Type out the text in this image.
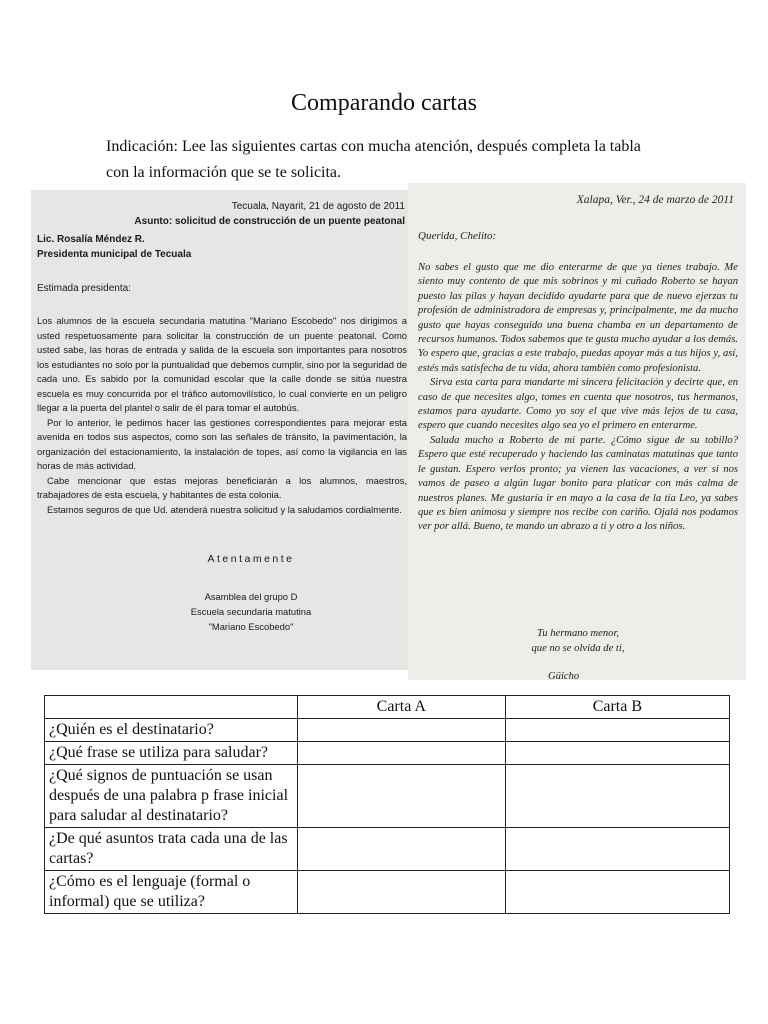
Comparando cartas
Indicación: Lee las siguientes cartas con mucha atención, después completa la tabla con la información que se te solicita.
Tecuala, Nayarit, 21 de agosto de 2011
Asunto: solicitud de construcción de un puente peatonal
Lic. Rosalía Méndez R.
Presidenta municipal de Tecuala
Estimada presidenta:

Los alumnos de la escuela secundaria matutina "Mariano Escobedo" nos dirigimos a usted respetuosamente para solicitar la construcción de un puente peatonal. Como usted sabe, las horas de entrada y salida de la escuela son importantes para nosotros los estudiantes no solo por la puntualidad que debemos cumplir, sino por la seguridad de cada uno. Es sabido por la comunidad escolar que la calle donde se sitúa nuestra escuela es muy concurrida por el tráfico automovilístico, lo cual convierte en un peligro llegar a la puerta del plantel o salir de él para tomar el autobús.

Por lo anterior, le pedimos hacer las gestiones correspondientes para mejorar esta avenida en todos sus aspectos, como son las señales de tránsito, la pavimentación, la organización del estacionamiento, la instalación de topes, así como la vigilancia en las horas de más actividad.

Cabe mencionar que estas mejoras beneficiarán a los alumnos, maestros, trabajadores de esta escuela, y habitantes de esta colonia.

Estamos seguros de que Ud. atenderá nuestra solicitud y la saludamos cordialmente.

Atentamente
Asamblea del grupo D
Escuela secundaria matutina
"Mariano Escobedo"
Xalapa, Ver., 24 de marzo de 2011
Querida, Chelito:

No sabes el gusto que me dio enterarme de que ya tienes trabajo. Me siento muy contento de que mis sobrinos y mi cuñado Roberto se hayan puesto las pilas y hayan decidido ayudarte para que de nuevo ejerzas tu profesión de administradora de empresas y, principalmente, me da mucho gusto que hayas conseguido una buena chamba en un departamento de recursos humanos. Todos sabemos que te gusta mucho ayudar a los demás. Yo espero que, gracias a este trabajo, puedas apoyar más a tus hijos y, así, estés más satisfecha de tu vida, ahora también como profesionista.

Sirva esta carta para mandarte mi sincera felicitación y decirte que, en caso de que necesites algo, tomes en cuenta que nosotros, tus hermanos, estamos para ayudarte. Como yo soy el que vive más lejos de tu casa, espero que cuando necesites algo sea yo el primero en enterarme.

Saluda mucho a Roberto de mi parte. ¿Cómo sigue de su tobillo? Espero que esté recuperado y haciendo las caminatas matutinas que tanto le gustan. Espero verlos pronto; ya vienen las vacaciones, a ver si nos vamos de paseo a algún lugar bonito para platicar con más calma de nuestros planes. Me gustaría ir en mayo a la casa de la tía Leo, ya sabes que es bien animosa y siempre nos recibe con cariño. Ojalá nos podamos ver por allá. Bueno, te mando un abrazo a ti y otro a los niños.

Tu hermano menor,
que no se olvida de ti,
Güicho
	Carta A	Carta B
¿Quién es el destinatario?		
¿Qué frase se utiliza para saludar?		
¿Qué signos de puntuación se usan después de una palabra p frase inicial para saludar al destinatario?		
¿De qué asuntos trata cada una de las cartas?		
¿Cómo es el lenguaje (formal o informal) que se utiliza?		
